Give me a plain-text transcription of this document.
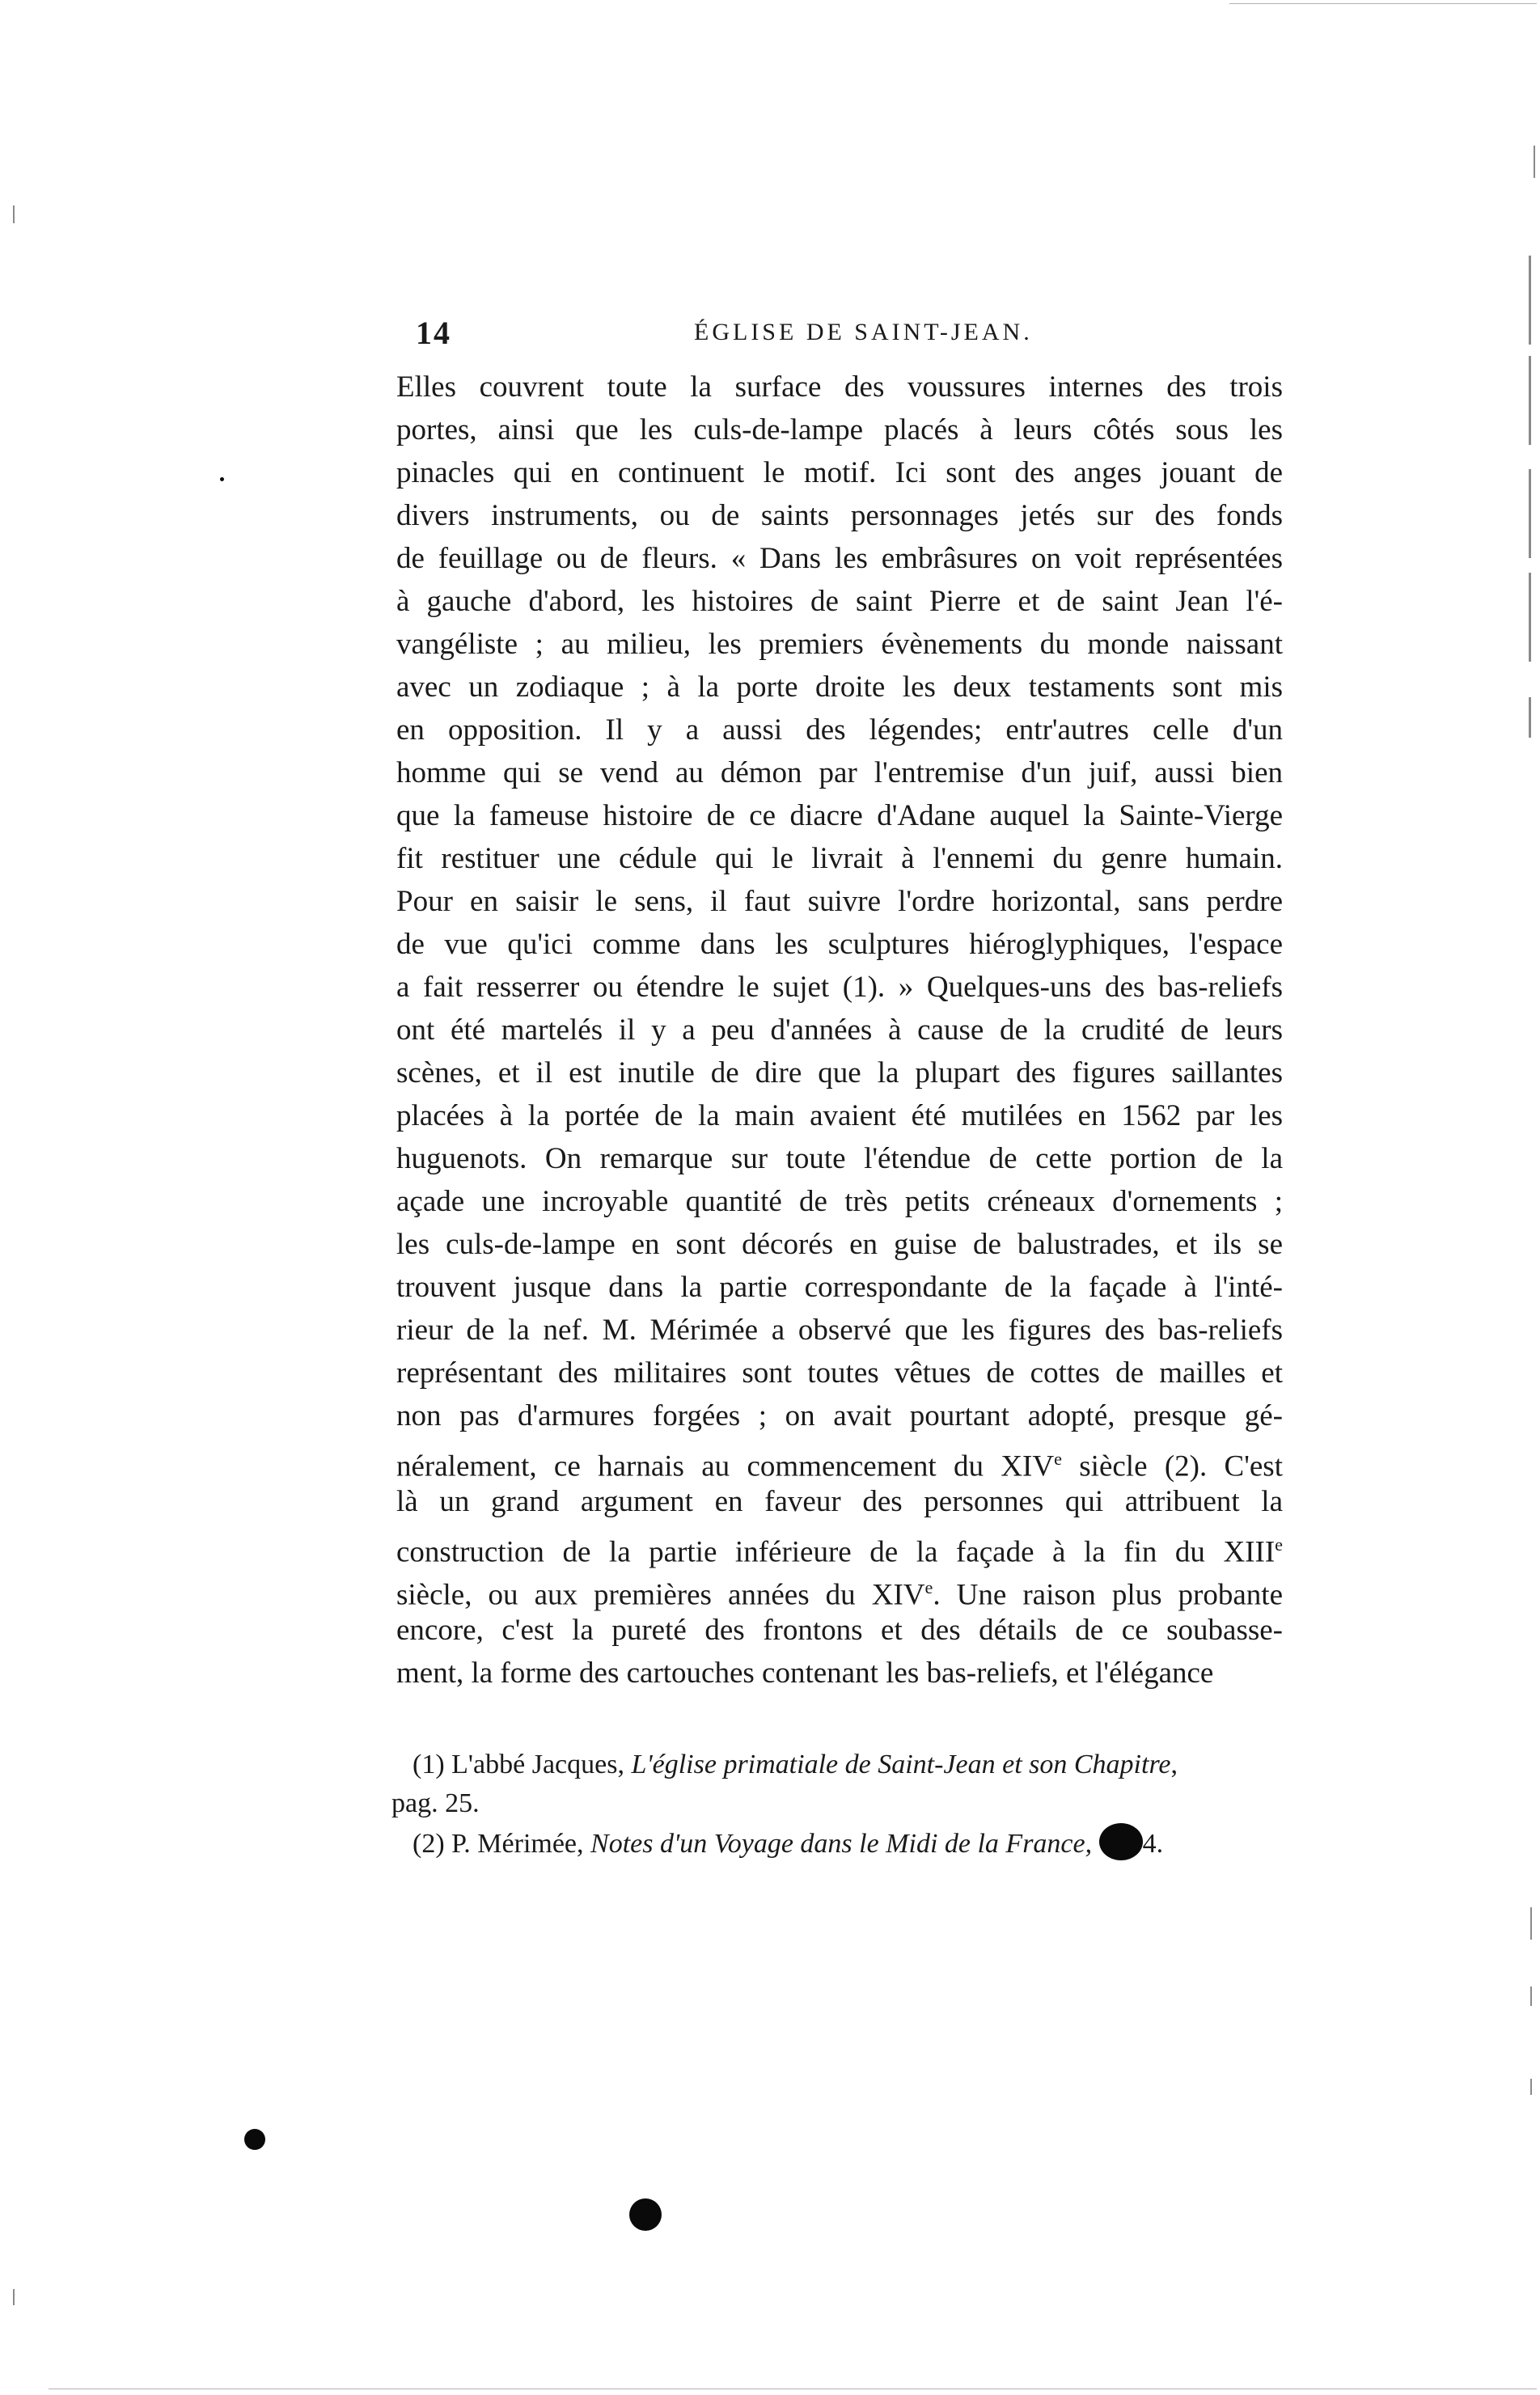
14	ÉGLISE DE SAINT-JEAN.
Elles couvrent toute la surface des voussures internes des trois
portes, ainsi que les culs-de-lampe placés à leurs côtés sous les
pinacles qui en continuent le motif. Ici sont des anges jouant de
divers instruments, ou de saints personnages jetés sur des fonds
de feuillage ou de fleurs. « Dans les embrâsures on voit représentées
à gauche d'abord, les histoires de saint Pierre et de saint Jean l'é-
vangéliste ; au milieu, les premiers évènements du monde naissant
avec un zodiaque ; à la porte droite les deux testaments sont mis
en opposition. Il y a aussi des légendes; entr'autres celle d'un
homme qui se vend au démon par l'entremise d'un juif, aussi bien
que la fameuse histoire de ce diacre d'Adane auquel la Sainte-Vierge
fit restituer une cédule qui le livrait à l'ennemi du genre humain.
Pour en saisir le sens, il faut suivre l'ordre horizontal, sans perdre
de vue qu'ici comme dans les sculptures hiéroglyphiques, l'espace
a fait resserrer ou étendre le sujet (1). » Quelques-uns des bas-reliefs
ont été martelés il y a peu d'années à cause de la crudité de leurs
scènes, et il est inutile de dire que la plupart des figures saillantes
placées à la portée de la main avaient été mutilées en 1562 par les
huguenots. On remarque sur toute l'étendue de cette portion de la
açade une incroyable quantité de très petits créneaux d'ornements ;
les culs-de-lampe en sont décorés en guise de balustrades, et ils se
trouvent jusque dans la partie correspondante de la façade à l'inté-
rieur de la nef. M. Mérimée a observé que les figures des bas-reliefs
représentant des militaires sont toutes vêtues de cottes de mailles et
non pas d'armures forgées ; on avait pourtant adopté, presque gé-
néralement, ce harnais au commencement du XIVe siècle (2). C'est
là un grand argument en faveur des personnes qui attribuent la
construction de la partie inférieure de la façade à la fin du XIIIe
siècle, ou aux premières années du XIVe. Une raison plus probante
encore, c'est la pureté des frontons et des détails de ce soubasse-
ment, la forme des cartouches contenant les bas-reliefs, et l'élégance
(1) L'abbé Jacques, L'église primatiale de Saint-Jean et son Chapitre,
pag. 25.
(2) P. Mérimée, Notes d'un Voyage dans le Midi de la France, 4.
